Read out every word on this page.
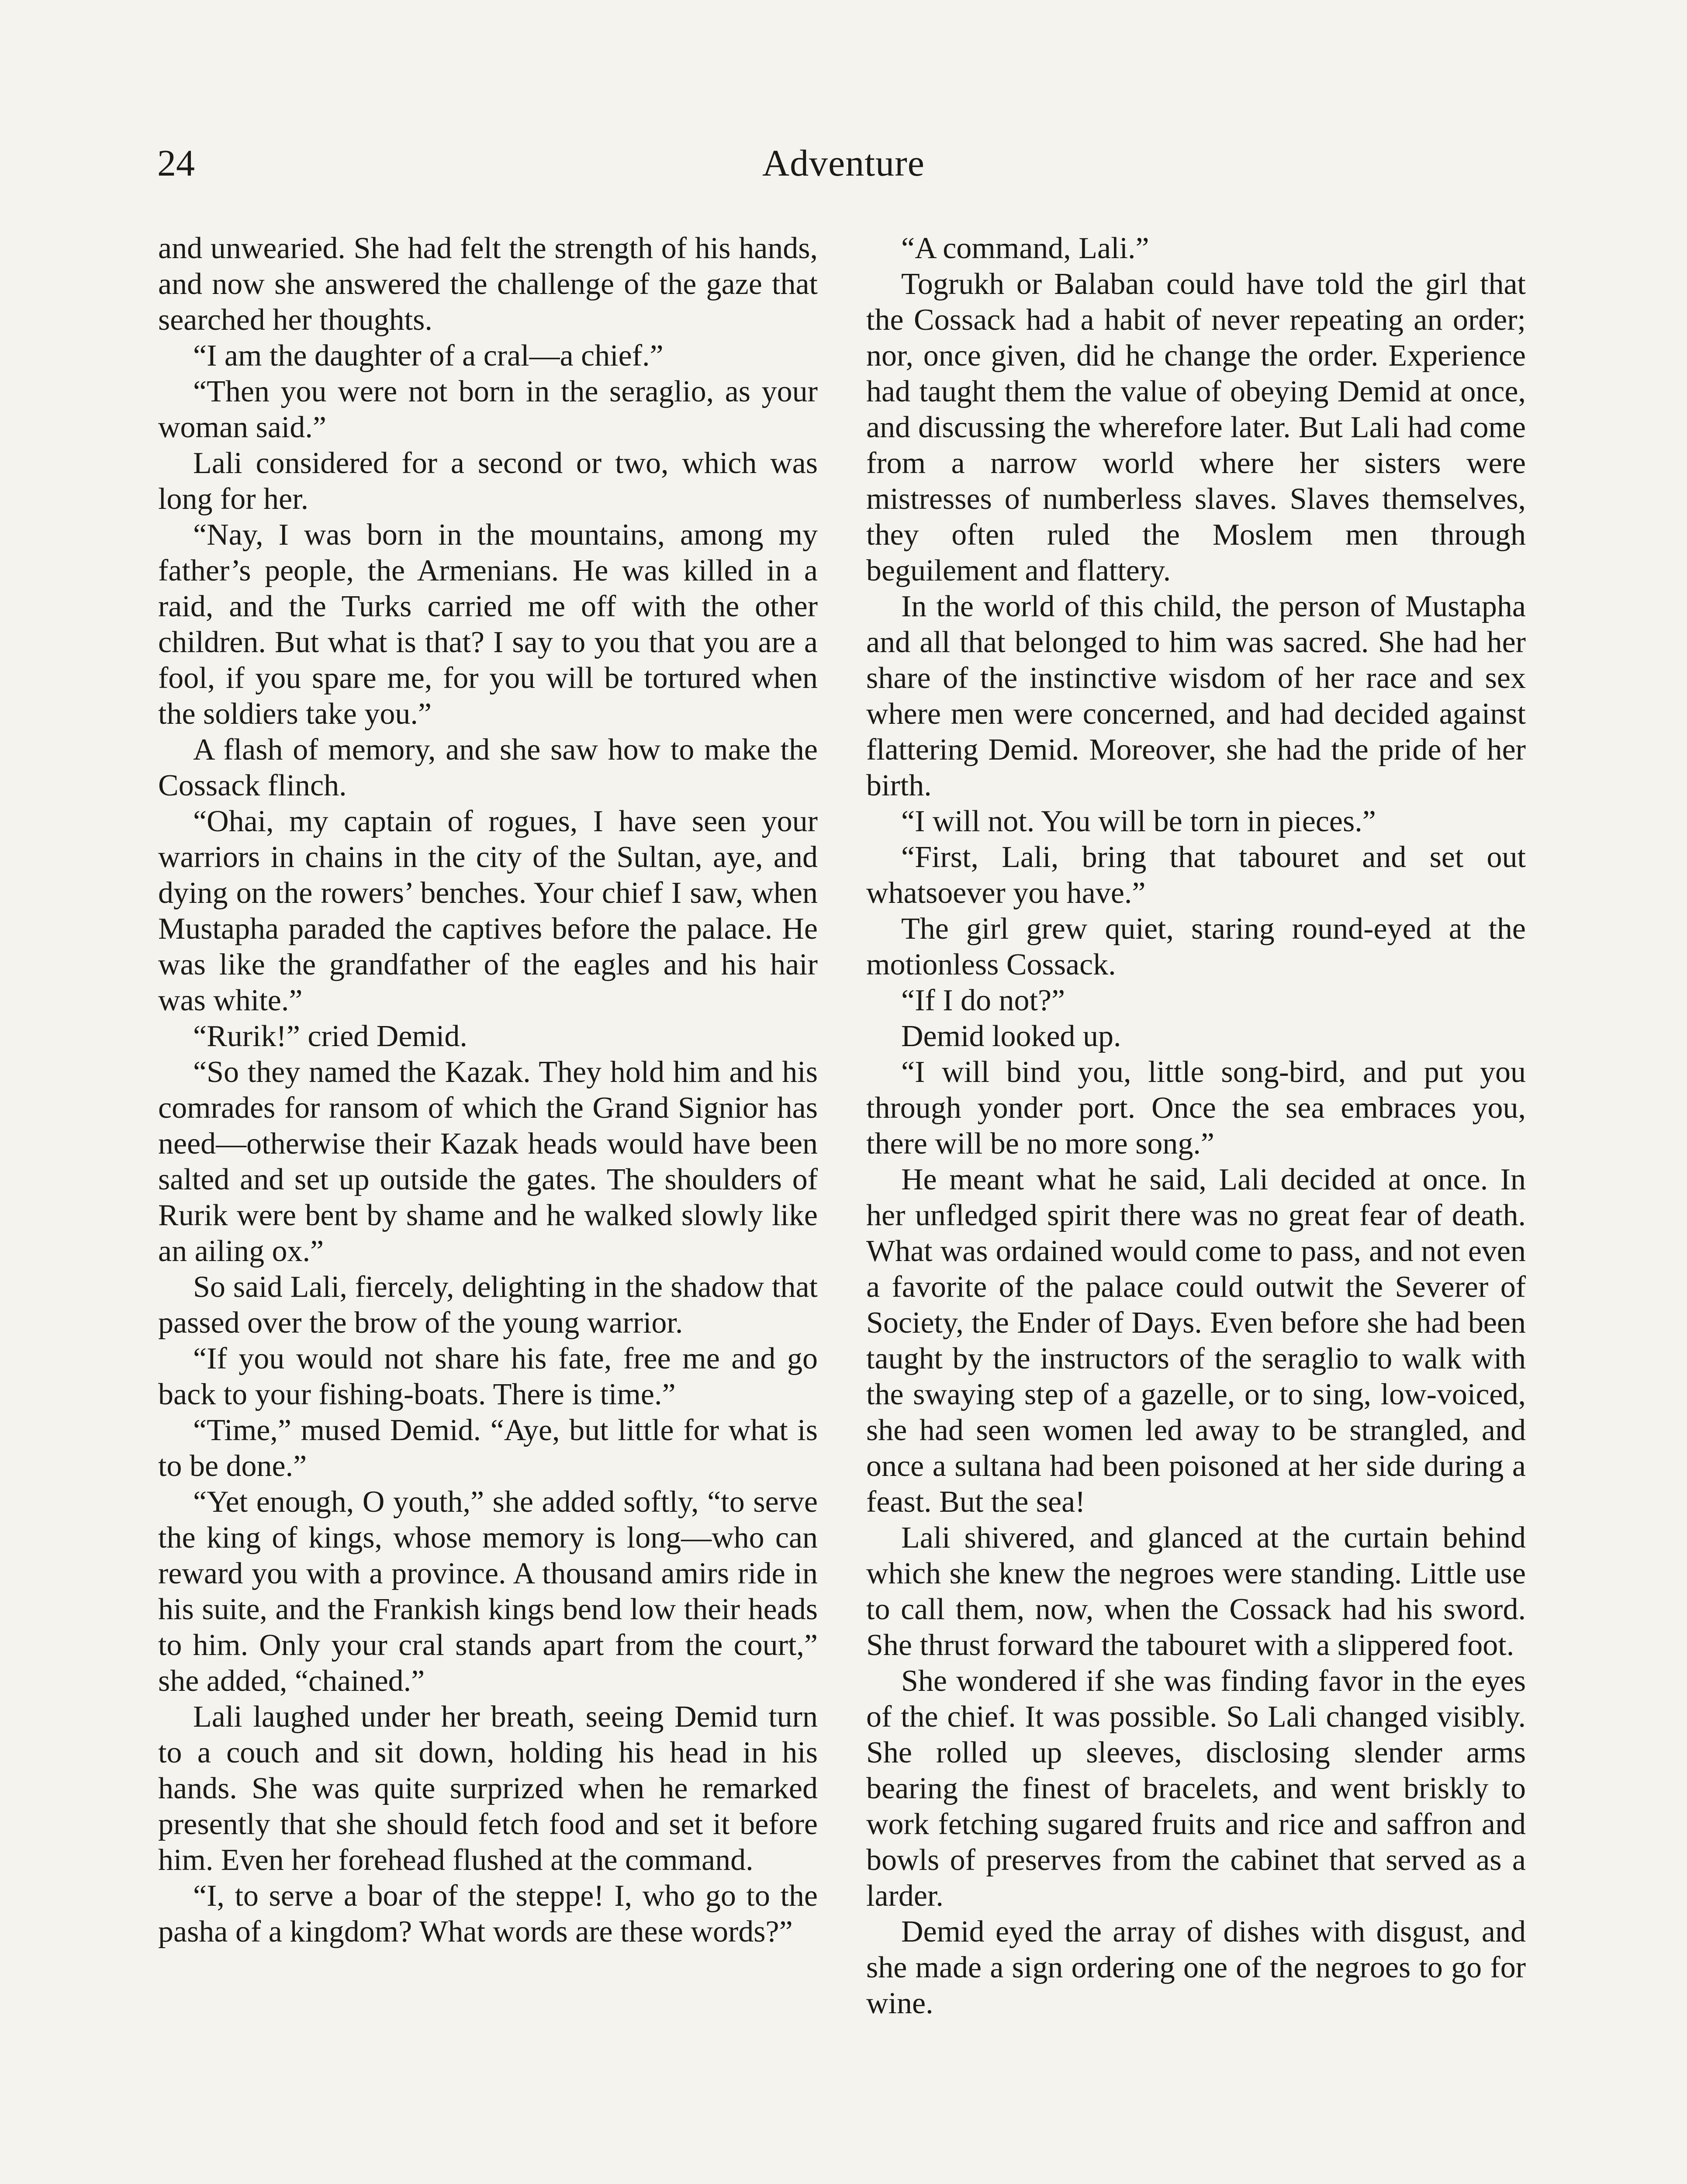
24	Adventure

and unwearied. She had felt the strength of his hands, and now she answered the challenge of the gaze that searched her thoughts.

“I am the daughter of a cral—a chief.”

“Then you were not born in the seraglio, as your woman said.”

Lali considered for a second or two, which was long for her.

“Nay, I was born in the mountains, among my father’s people, the Armenians. He was killed in a raid, and the Turks carried me off with the other children. But what is that? I say to you that you are a fool, if you spare me, for you will be tortured when the soldiers take you.”

A flash of memory, and she saw how to make the Cossack flinch.

“Ohai, my captain of rogues, I have seen your warriors in chains in the city of the Sultan, aye, and dying on the rowers’ benches. Your chief I saw, when Mustapha paraded the captives before the palace. He was like the grandfather of the eagles and his hair was white.”

“Rurik!” cried Demid.

“So they named the Kazak. They hold him and his comrades for ransom of which the Grand Signior has need—otherwise their Kazak heads would have been salted and set up outside the gates. The shoulders of Rurik were bent by shame and he walked slowly like an ailing ox.”

So said Lali, fiercely, delighting in the shadow that passed over the brow of the young warrior.

“If you would not share his fate, free me and go back to your fishing-boats. There is time.”

“Time,” mused Demid. “Aye, but little for what is to be done.”

“Yet enough, O youth,” she added softly, “to serve the king of kings, whose memory is long—who can reward you with a province. A thousand amirs ride in his suite, and the Frankish kings bend low their heads to him. Only your cral stands apart from the court,” she added, “chained.”

Lali laughed under her breath, seeing Demid turn to a couch and sit down, holding his head in his hands. She was quite surprized when he remarked presently that she should fetch food and set it before him. Even her forehead flushed at the command.

“I, to serve a boar of the steppe! I, who go to the pasha of a kingdom? What words are these words?”

“A command, Lali.”

Togrukh or Balaban could have told the girl that the Cossack had a habit of never repeating an order; nor, once given, did he change the order. Experience had taught them the value of obeying Demid at once, and discussing the wherefore later. But Lali had come from a narrow world where her sisters were mistresses of numberless slaves. Slaves themselves, they often ruled the Moslem men through beguilement and flattery.

In the world of this child, the person of Mustapha and all that belonged to him was sacred. She had her share of the instinctive wisdom of her race and sex where men were concerned, and had decided against flattering Demid. Moreover, she had the pride of her birth.

“I will not. You will be torn in pieces.”

“First, Lali, bring that tabouret and set out whatsoever you have.”

The girl grew quiet, staring round-eyed at the motionless Cossack.

“If I do not?”

Demid looked up.

“I will bind you, little song-bird, and put you through yonder port. Once the sea embraces you, there will be no more song.”

He meant what he said, Lali decided at once. In her unfledged spirit there was no great fear of death. What was ordained would come to pass, and not even a favorite of the palace could outwit the Severer of Society, the Ender of Days. Even before she had been taught by the instructors of the seraglio to walk with the swaying step of a gazelle, or to sing, low-voiced, she had seen women led away to be strangled, and once a sultana had been poisoned at her side during a feast. But the sea!

Lali shivered, and glanced at the curtain behind which she knew the negroes were standing. Little use to call them, now, when the Cossack had his sword. She thrust forward the tabouret with a slippered foot.

She wondered if she was finding favor in the eyes of the chief. It was possible. So Lali changed visibly. She rolled up sleeves, disclosing slender arms bearing the finest of bracelets, and went briskly to work fetching sugared fruits and rice and saffron and bowls of preserves from the cabinet that served as a larder.

Demid eyed the array of dishes with disgust, and she made a sign ordering one of the negroes to go for wine.
